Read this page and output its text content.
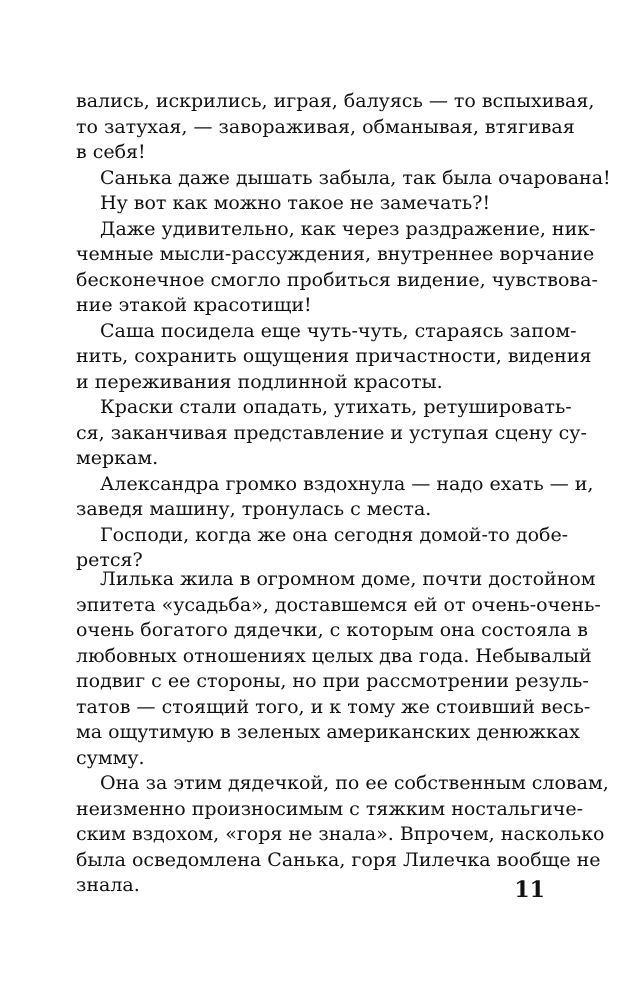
вались, искрились, играя, балуясь — то вспыхивая,
то затухая, — завораживая, обманывая, втягивая
в себя!
Санька даже дышать забыла, так была очарована!
Ну вот как можно такое не замечать?!
Даже удивительно, как через раздражение, ник-
чемные мысли-рассуждения, внутреннее ворчание
бесконечное смогло пробиться видение, чувствова-
ние этакой красотищи!
Саша посидела еще чуть-чуть, стараясь запом-
нить, сохранить ощущения причастности, видения
и переживания подлинной красоты.
Краски стали опадать, утихать, ретушировать-
ся, заканчивая представление и уступая сцену су-
меркам.
Александра громко вздохнула — надо ехать — и,
заведя машину, тронулась с места.
Господи, когда же она сегодня домой-то добе-
рется?
Лилька жила в огромном доме, почти достойном
эпитета «усадьба», доставшемся ей от очень-очень-
очень богатого дядечки, с которым она состояла в
любовных отношениях целых два года. Небывалый
подвиг с ее стороны, но при рассмотрении резуль-
татов — стоящий того, и к тому же стоивший весь-
ма ощутимую в зеленых американских денюжках
сумму.
Она за этим дядечкой, по ее собственным словам,
неизменно произносимым с тяжким ностальгиче-
ским вздохом, «горя не знала». Впрочем, насколько
была осведомлена Санька, горя Лилечка вообще не
знала.	11
